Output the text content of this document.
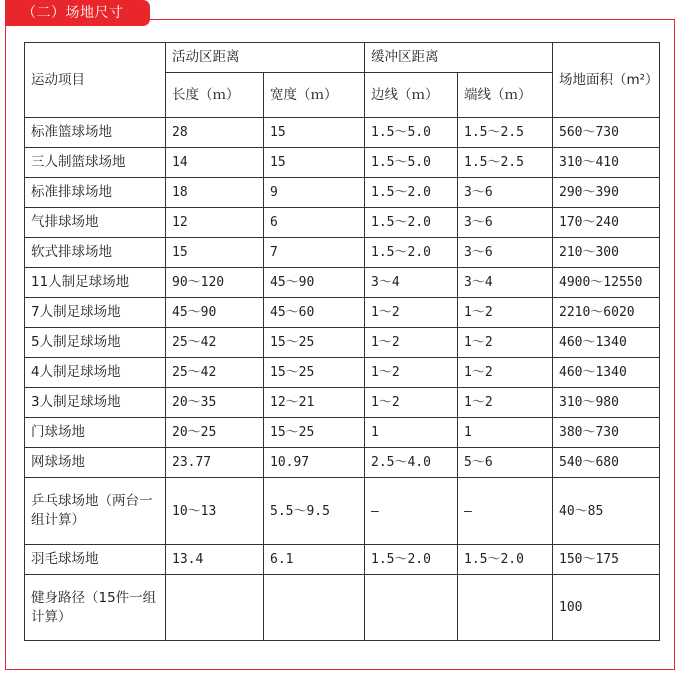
（二）场地尺寸
运动项目	活动区距离		缓冲区距离		场地面积（m²）
	长度（ｍ）	宽度（ｍ）	边线（ｍ）	端线（ｍ）	
标准篮球场地	28	15	1.5～5.0	1.5～2.5	560～730
三人制篮球场地	14	15	1.5～5.0	1.5～2.5	310～410
标准排球场地	18	9	1.5～2.0	3～6	290～390
气排球场地	12	6	1.5～2.0	3～6	170～240
软式排球场地	15	7	1.5～2.0	3～6	210～300
11人制足球场地	90～120	45～90	3～4	3～4	4900～12550
7人制足球场地	45～90	45～60	1～2	1～2	2210～6020
5人制足球场地	25～42	15～25	1～2	1～2	460～1340
4人制足球场地	25～42	15～25	1～2	1～2	460～1340
3人制足球场地	20～35	12～21	1～2	1～2	310～980
门球场地	20～25	15～25	1	1	380～730
网球场地	23.77	10.97	2.5～4.0	5～6	540～680
乒乓球场地（两台一组计算）	10～13	5.5～9.5	—	—	40～85
羽毛球场地	13.4	6.1	1.5～2.0	1.5～2.0	150～175
健身路径（15件一组计算）					100
